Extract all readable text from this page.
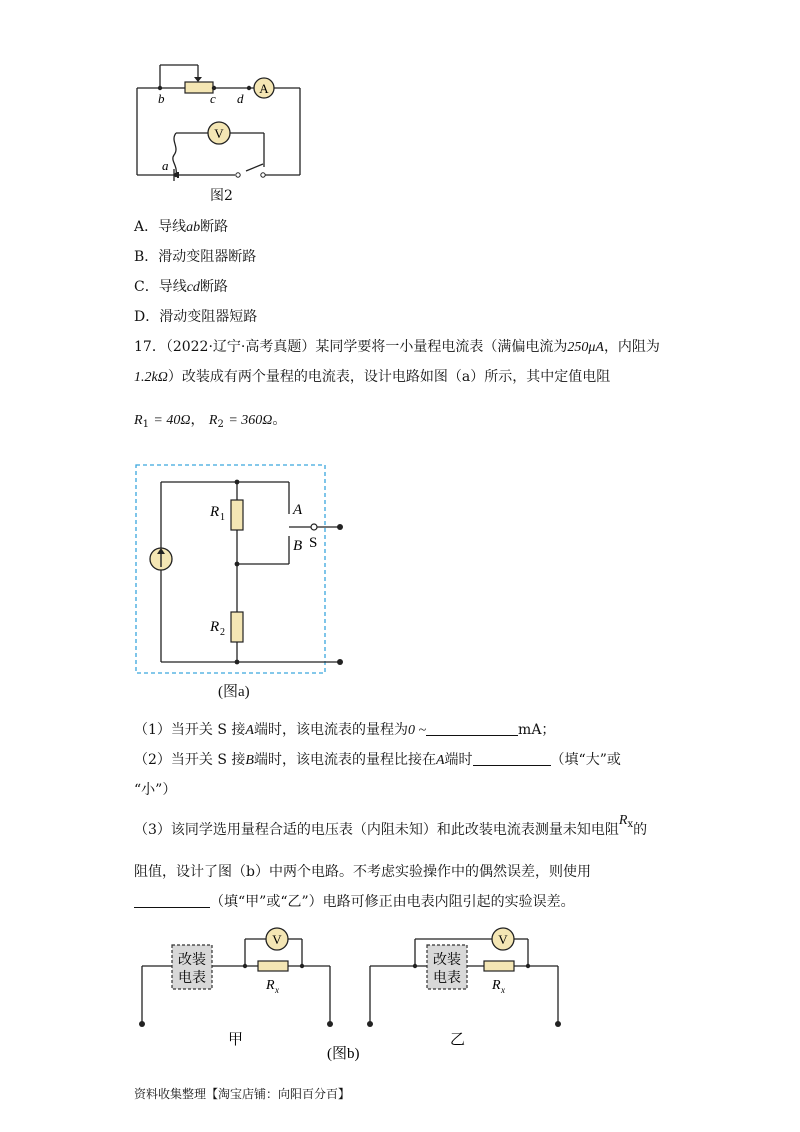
A
V
b	c d
a
图2
A．导线ab断路
B．滑动变阻器断路
C．导线cd断路
D．滑动变阻器短路
17．（2022·辽宁·高考真题）某同学要将一小量程电流表（满偏电流为250μA，内阻为
1.2kΩ）改装成有两个量程的电流表，设计电路如图（a）所示，其中定值电阻
$R_1 = 40\Omega$， $R_2 = 360\Omega$。
R 1
R 2
A
B S
(图a)
（1）当开关 S 接A端时，该电流表的量程为0 ~	mA；
（2）当开关 S 接B端时，该电流表的量程比接在A端时	（填“大”或
“小”）
（3）该同学选用量程合适的电压表（内阻未知）和此改装电流表测量未知电阻$R^x$的
阻值，设计了图（b）中两个电路。不考虑实验操作中的偶然误差，则使用
（填“甲”或“乙”）电路可修正由电表内阻引起的实验误差。
改装
电表
V
R x
甲
改装
电表
V
R x
乙
(图b)
资料收集整理【淘宝店铺：向阳百分百】
